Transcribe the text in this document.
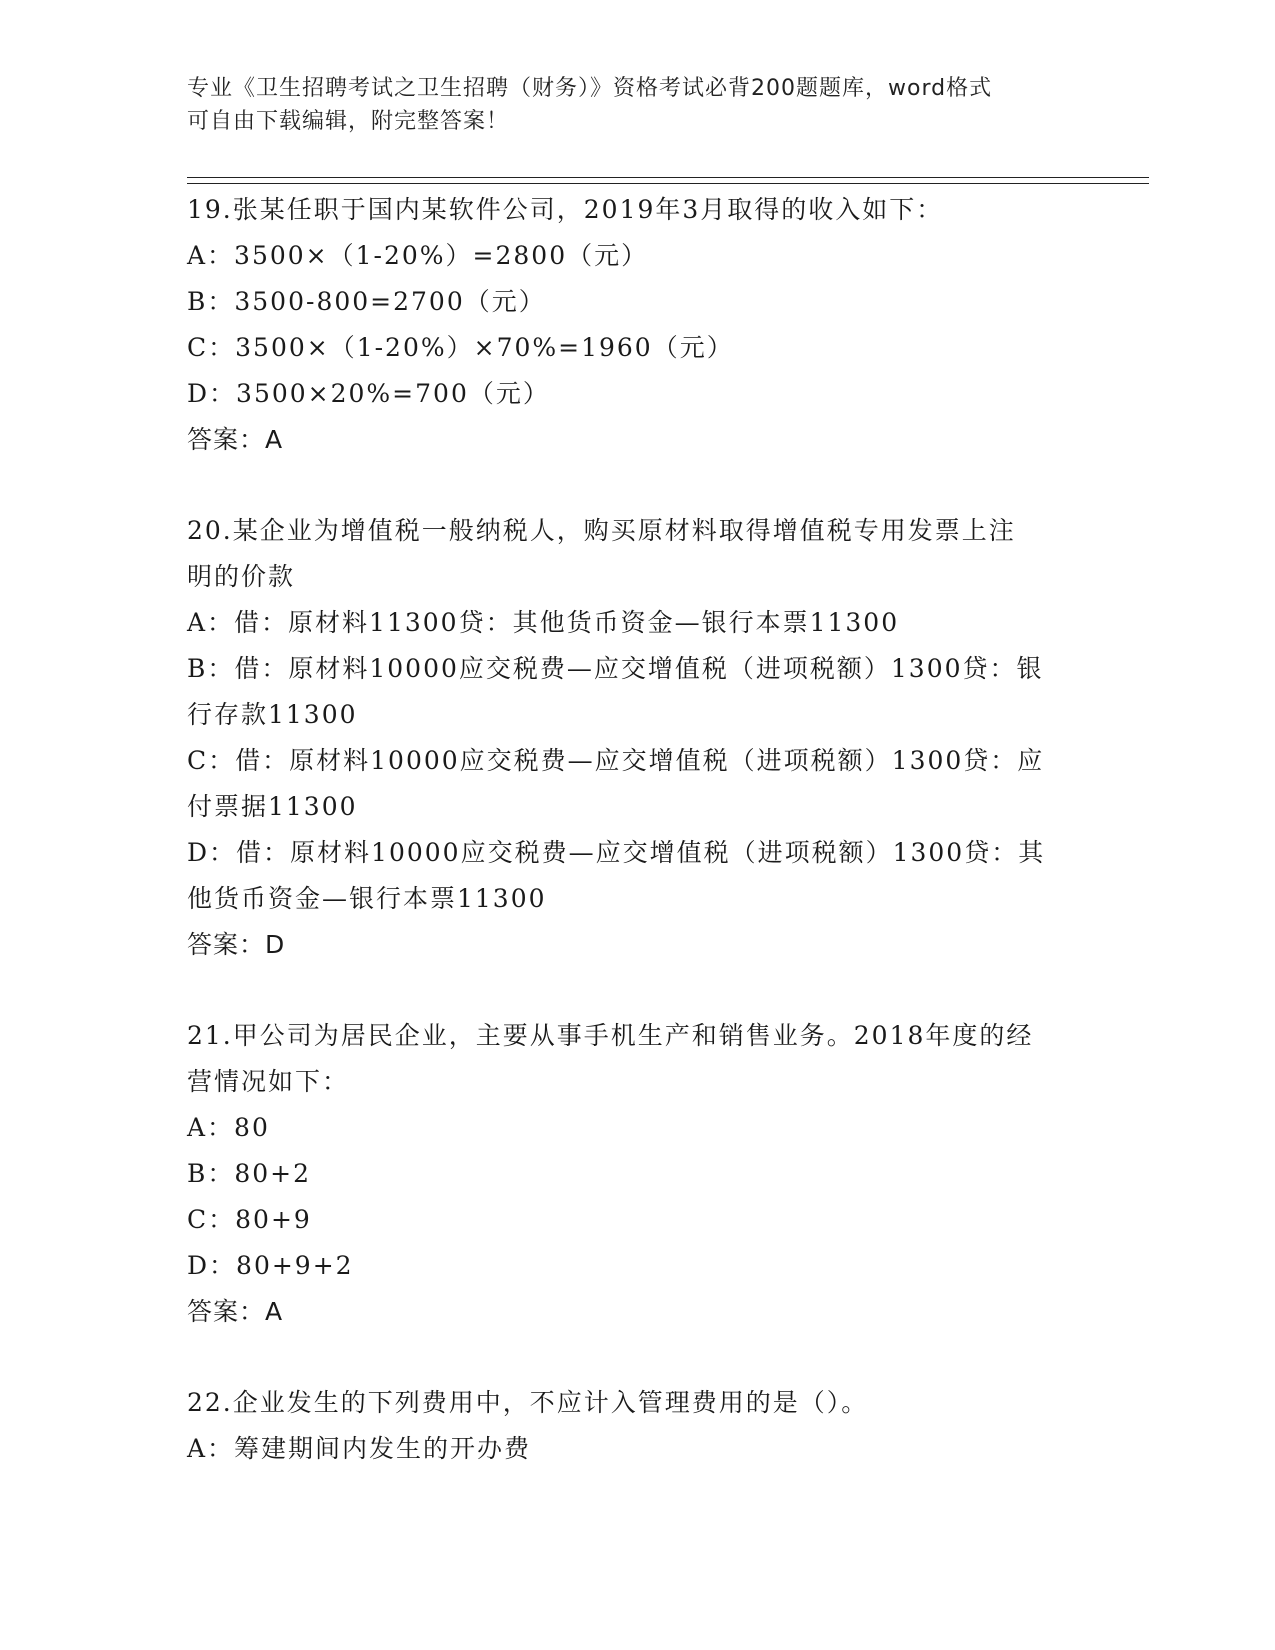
专业《卫生招聘考试之卫生招聘（财务）》资格考试必背200题题库，word格式
可自由下载编辑，附完整答案！
19.张某任职于国内某软件公司，2019年3月取得的收入如下：
A：3500×（1-20%）=2800（元）
B：3500-800=2700（元）
C：3500×（1-20%）×70%=1960（元）
D：3500×20%=700（元）
答案：A
20.某企业为增值税一般纳税人，购买原材料取得增值税专用发票上注
明的价款
A：借：原材料11300贷：其他货币资金—银行本票11300
B：借：原材料10000应交税费—应交增值税（进项税额）1300贷：银
行存款11300
C：借：原材料10000应交税费—应交增值税（进项税额）1300贷：应
付票据11300
D：借：原材料10000应交税费—应交增值税（进项税额）1300贷：其
他货币资金—银行本票11300
答案：D
21.甲公司为居民企业，主要从事手机生产和销售业务。2018年度的经
营情况如下：
A：80
B：80+2
C：80+9
D：80+9+2
答案：A
22.企业发生的下列费用中，不应计入管理费用的是（）。
A：筹建期间内发生的开办费
